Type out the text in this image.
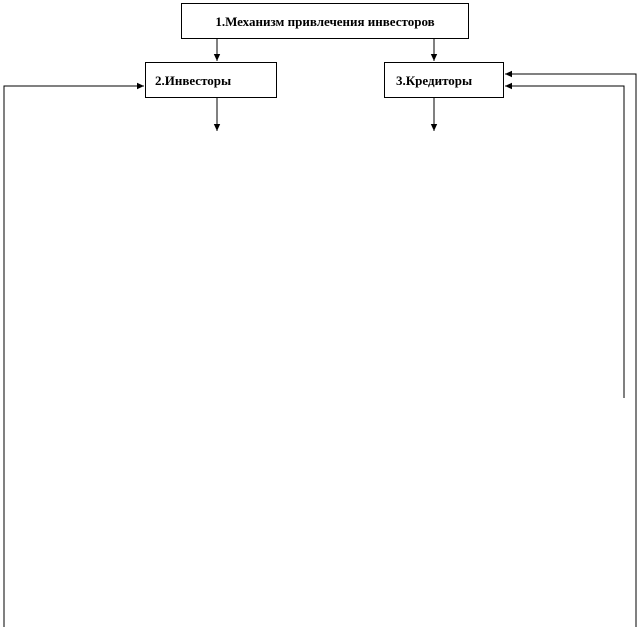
1.Механизм привлечения инвесторов
2.Инвесторы	3.Кредиторы
